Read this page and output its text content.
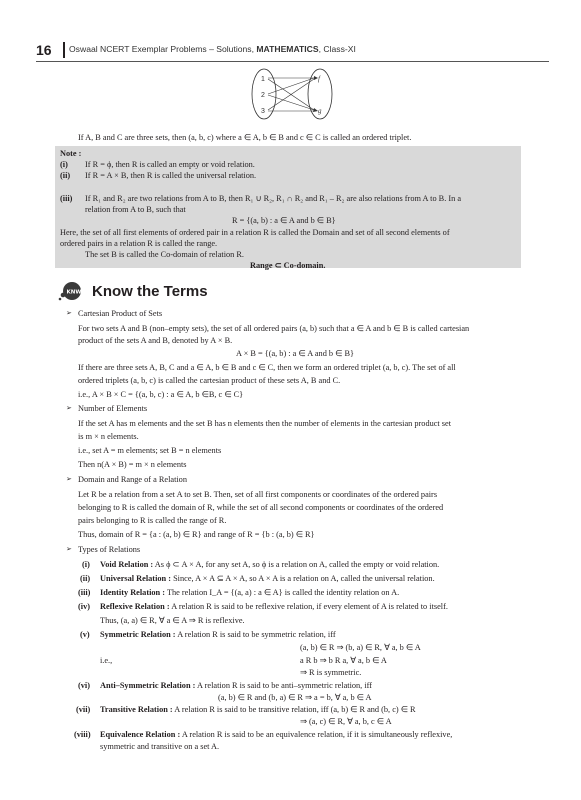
16 Oswaal NCERT Exemplar Problems – Solutions, MATHEMATICS, Class-XI
1
2
3
f
g
If A, B and C are three sets, then (a, b, c) where a ∈ A, b ∈ B and c ∈ C is called an ordered triplet.
Note :
(i) If R = ϕ, then R is called an empty or void relation.
(ii) If R = A × B, then R is called the universal relation.
(iii) If R₁ and R₂ are two relations from A to B, then R₁ ∪ R₂, R₁ ∩ R₂ and R₁ – R₂ are also relations from A to B. In a
relation from A to B, such that
R = {(a, b) : a ∈ A and b ∈ B}
Here, the set of all first elements of ordered pair in a relation R is called the Domain and set of all second elements of
ordered pairs in a relation R is called the range.
The set B is called the Co-domain of relation R.
Range ⊂ Co-domain.
KNW Know the Terms
➢ Cartesian Product of Sets
For two sets A and B (non–empty sets), the set of all ordered pairs (a, b) such that a ∈ A and b ∈ B is called cartesian
product of the sets A and B, denoted by A × B.
A × B = {(a, b) : a ∈ A and b ∈ B}
If there are three sets A, B, C and a ∈ A, b ∈ B and c ∈ C, then we form an ordered triplet (a, b, c). The set of all
ordered triplets (a, b, c) is called the cartesian product of these sets A, B and C.
i.e., A × B × C = {(a, b, c) : a ∈ A, b ∈B, c ∈ C}
➢ Number of Elements
If the set A has m elements and the set B has n elements then the number of elements in the cartesian product set
is m × n elements.
i.e., set A = m elements; set B = n elements
Then n(A × B) = m × n elements
➢ Domain and Range of a Relation
Let R be a relation from a set A to set B. Then, set of all first components or coordinates of the ordered pairs
belonging to R is called the domain of R, while the set of all second components or coordinates of the ordered
pairs belonging to R is called the range of R.
Thus, domain of R = {a : (a, b) ∈ R} and range of R = {b : (a, b) ∈ R}
➢ Types of Relations
(i) Void Relation : As ϕ ⊂ A × A, for any set A, so ϕ is a relation on A, called the empty or void relation.
(ii) Universal Relation : Since, A × A ⊆ A × A, so A × A is a relation on A, called the universal relation.
(iii) Identity Relation : The relation I_A = {(a, a) : a ∈ A} is called the identity relation on A.
(iv) Reflexive Relation : A relation R is said to be reflexive relation, if every element of A is related to itself.
Thus, (a, a) ∈ R, ∀ a ∈ A ⇒ R is reflexive.
(v) Symmetric Relation : A relation R is said to be symmetric relation, iff
(a, b) ∈ R ⇒ (b, a) ∈ R, ∀ a, b ∈ A
i.e.,	a R b ⇒ b R a, ∀ a, b ∈ A
⇒ R is symmetric.
(vi) Anti–Symmetric Relation : A relation R is said to be anti–symmetric relation, iff
(a, b) ∈ R and (b, a) ∈ R ⇒ a = b, ∀ a, b ∈ A
(vii) Transitive Relation : A relation R is said to be transitive relation, iff (a, b) ∈ R and (b, c) ∈ R
⇒ (a, c) ∈ R, ∀ a, b, c ∈ A
(viii) Equivalence Relation : A relation R is said to be an equivalence relation, if it is simultaneously reflexive,
symmetric and transitive on a set A.
